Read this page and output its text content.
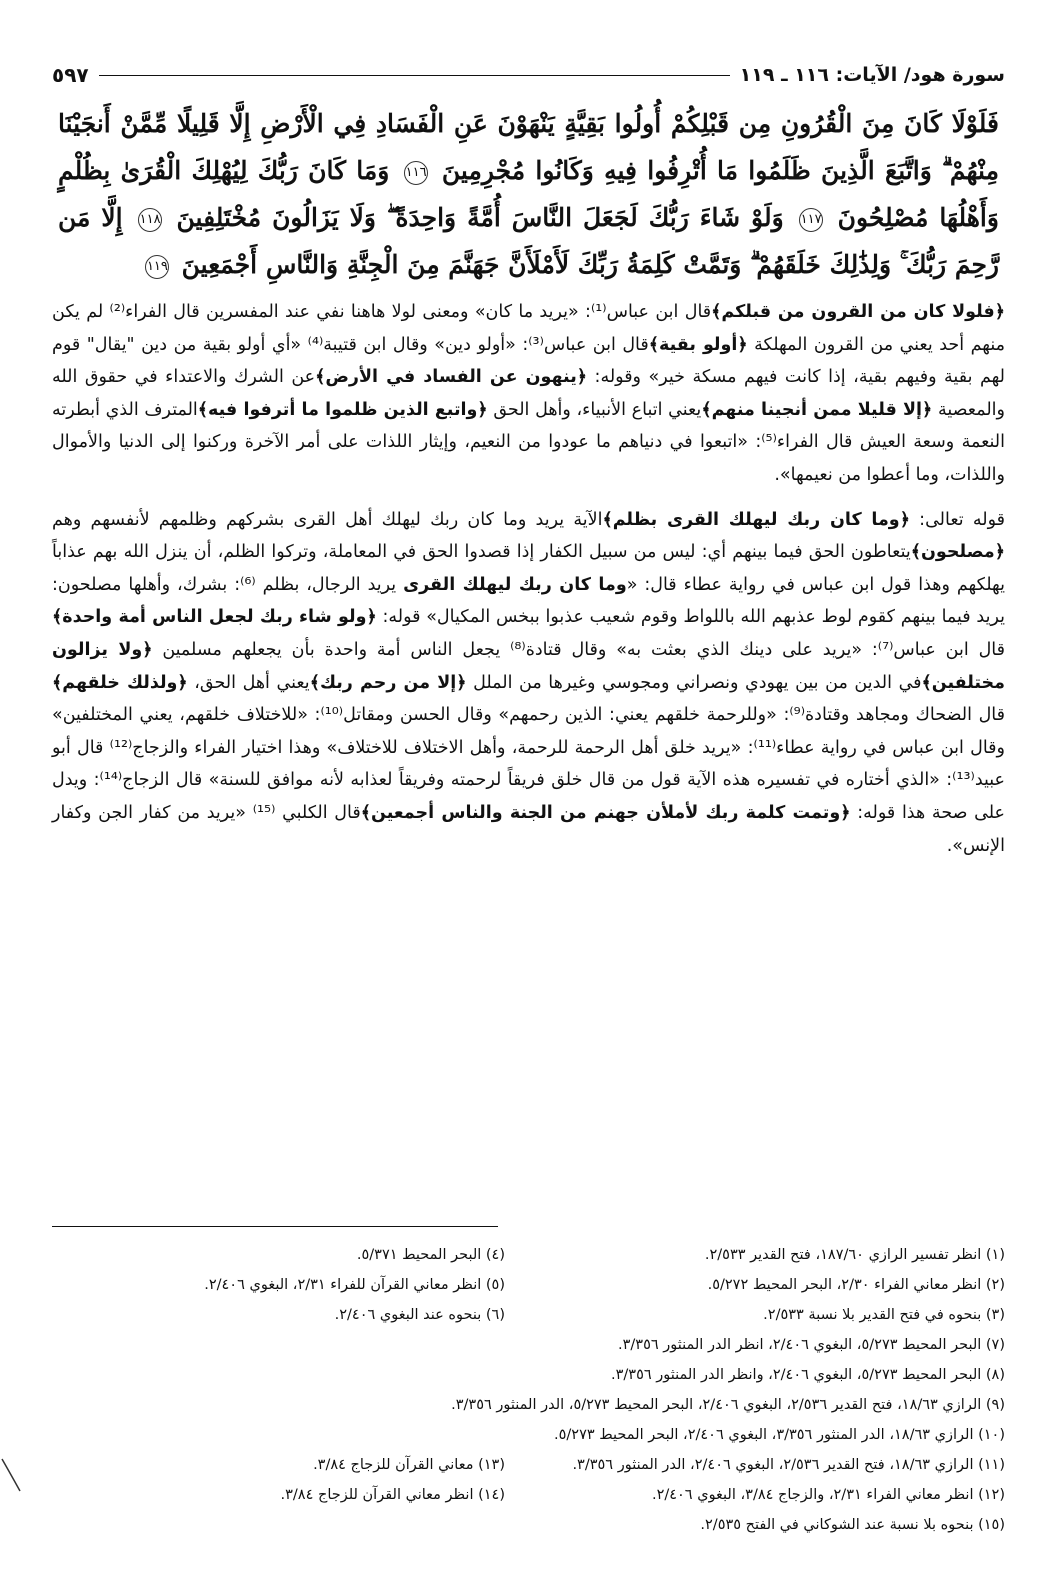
سورة هود/ الآيات: ١١٦ ـ ١١٩
٥٩٧
فَلَوْلَا كَانَ مِنَ الْقُرُونِ مِن قَبْلِكُمْ أُولُوا بَقِيَّةٍ يَنْهَوْنَ عَنِ الْفَسَادِ فِي الْأَرْضِ إِلَّا قَلِيلًا مِّمَّنْ أَنجَيْنَا مِنْهُمْ ۗ وَاتَّبَعَ الَّذِينَ ظَلَمُوا مَا أُتْرِفُوا فِيهِ وَكَانُوا مُجْرِمِينَ ١١٦ وَمَا كَانَ رَبُّكَ لِيُهْلِكَ الْقُرَىٰ بِظُلْمٍ وَأَهْلُهَا مُصْلِحُونَ ١١٧ وَلَوْ شَاءَ رَبُّكَ لَجَعَلَ النَّاسَ أُمَّةً وَاحِدَةً ۖ وَلَا يَزَالُونَ مُخْتَلِفِينَ ١١٨ إِلَّا مَن رَّحِمَ رَبُّكَ ۚ وَلِذَٰلِكَ خَلَقَهُمْ ۗ وَتَمَّتْ كَلِمَةُ رَبِّكَ لَأَمْلَأَنَّ جَهَنَّمَ مِنَ الْجِنَّةِ وَالنَّاسِ أَجْمَعِينَ ١١٩

﴿فلولا كان من القرون من قبلكم﴾قال ابن عباس⁽¹⁾: «يريد ما كان» ومعنى لولا هاهنا نفي عند المفسرين قال الفراء⁽²⁾ لم يكن منهم أحد يعني من القرون المهلكة ﴿أولو بقية﴾قال ابن عباس⁽³⁾: «أولو دين» وقال ابن قتيبة⁽⁴⁾ «أي أولو بقية من دين "يقال" قوم لهم بقية وفيهم بقية، إذا كانت فيهم مسكة خير» وقوله: ﴿ينهون عن الفساد في الأرض﴾عن الشرك والاعتداء في حقوق الله والمعصية ﴿إلا قليلا ممن أنجينا منهم﴾يعني اتباع الأنبياء، وأهل الحق ﴿واتبع الذين ظلموا ما أترفوا فيه﴾المترف الذي أبطرته النعمة وسعة العيش قال الفراء⁽⁵⁾: «اتبعوا في دنياهم ما عودوا من النعيم، وإيثار اللذات على أمر الآخرة وركنوا إلى الدنيا والأموال واللذات، وما أعطوا من نعيمها».

قوله تعالى: ﴿وما كان ربك ليهلك القرى بظلم﴾الآية يريد وما كان ربك ليهلك أهل القرى بشركهم وظلمهم لأنفسهم وهم ﴿مصلحون﴾يتعاطون الحق فيما بينهم أي: ليس من سبيل الكفار إذا قصدوا الحق في المعاملة، وتركوا الظلم، أن ينزل الله بهم عذاباً يهلكهم وهذا قول ابن عباس في رواية عطاء قال: «وما كان ربك ليهلك القرى يريد الرجال، بظلم ⁽⁶⁾: بشرك، وأهلها مصلحون: يريد فيما بينهم كقوم لوط عذبهم الله باللواط وقوم شعيب عذبوا ببخس المكيال» قوله: ﴿ولو شاء ربك لجعل الناس أمة واحدة﴾قال ابن عباس⁽⁷⁾: «يريد على دينك الذي بعثت به» وقال قتادة⁽⁸⁾ يجعل الناس أمة واحدة بأن يجعلهم مسلمين ﴿ولا يزالون مختلفين﴾في الدين من بين يهودي ونصراني ومجوسي وغيرها من الملل ﴿إلا من رحم ربك﴾يعني أهل الحق، ﴿ولذلك خلقهم﴾قال الضحاك ومجاهد وقتادة⁽⁹⁾: «وللرحمة خلقهم يعني: الذين رحمهم» وقال الحسن ومقاتل⁽¹⁰⁾: «للاختلاف خلقهم، يعني المختلفين» وقال ابن عباس في رواية عطاء⁽¹¹⁾: «يريد خلق أهل الرحمة للرحمة، وأهل الاختلاف للاختلاف» وهذا اختيار الفراء والزجاج⁽¹²⁾ قال أبو عبيد⁽¹³⁾: «الذي أختاره في تفسيره هذه الآية قول من قال خلق فريقاً لرحمته وفريقاً لعذابه لأنه موافق للسنة» قال الزجاج⁽¹⁴⁾: ويدل على صحة هذا قوله: ﴿وتمت كلمة ربك لأملأن جهنم من الجنة والناس أجمعين﴾قال الكلبي ⁽¹⁵⁾ «يريد من كفار الجن وكفار الإنس».

(١) انظر تفسير الرازي ١٨٧/٦٠، فتح القدير ٢/٥٣٣.
(٤) البحر المحيط ٥/٣٧١.
(٢) انظر معاني الفراء ٢/٣٠، البحر المحيط ٥/٢٧٢.
(٥) انظر معاني القرآن للفراء ٢/٣١، البغوي ٢/٤٠٦.
(٣) بنحوه في فتح القدير بلا نسبة ٢/٥٣٣.
(٦) بنحوه عند البغوي ٢/٤٠٦.
(٧) البحر المحيط ٥/٢٧٣، البغوي ٢/٤٠٦، انظر الدر المنثور ٣/٣٥٦.
(٨) البحر المحيط ٥/٢٧٣، البغوي ٢/٤٠٦، وانظر الدر المنثور ٣/٣٥٦.
(٩) الرازي ١٨/٦٣، فتح القدير ٢/٥٣٦، البغوي ٢/٤٠٦، البحر المحيط ٥/٢٧٣، الدر المنثور ٣/٣٥٦.
(١٠) الرازي ١٨/٦٣، الدر المنثور ٣/٣٥٦، البغوي ٢/٤٠٦، البحر المحيط ٥/٢٧٣.
(١١) الرازي ١٨/٦٣، فتح القدير ٢/٥٣٦، البغوي ٢/٤٠٦، الدر المنثور ٣/٣٥٦.
(١٣) معاني القرآن للزجاج ٣/٨٤.
(١٢) انظر معاني الفراء ٢/٣١، والزجاج ٣/٨٤، البغوي ٢/٤٠٦.
(١٤) انظر معاني القرآن للزجاج ٣/٨٤.
(١٥) بنحوه بلا نسبة عند الشوكاني في الفتح ٢/٥٣٥.
